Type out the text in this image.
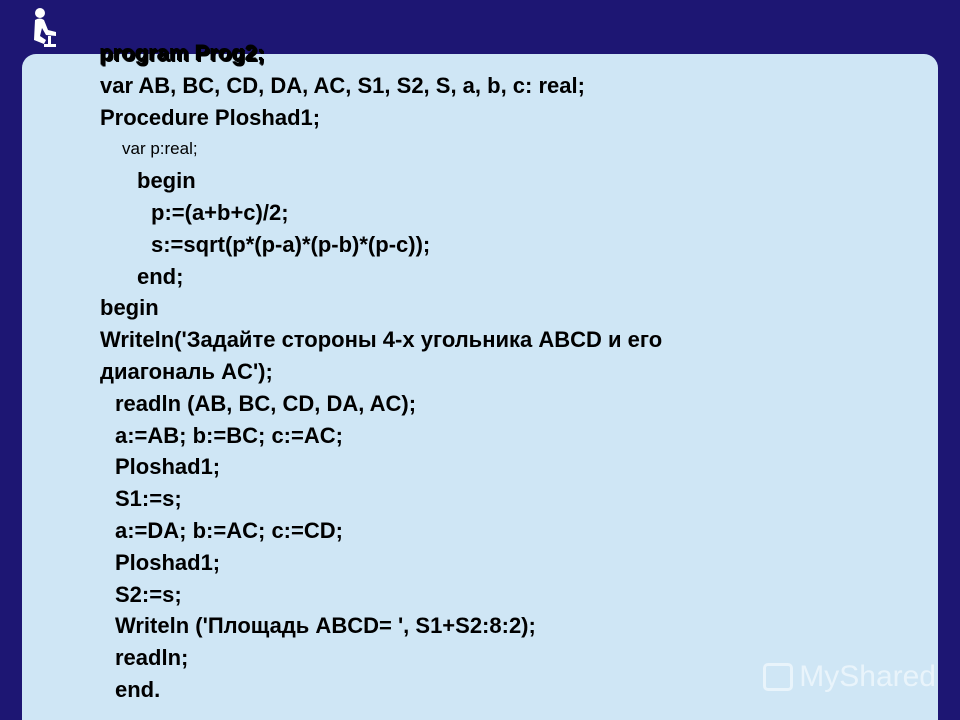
program Prog2;
var AB, BC, CD, DA, AC, S1, S2, S, a, b, c: real;
Procedure Ploshad1;
var p:real;
begin
p:=(a+b+c)/2;
s:=sqrt(p*(p-a)*(p-b)*(p-c));
end;
begin
Writeln('Задайте стороны 4-х угольника ABCD и его
диагональ AC');
readln (AB, BC, CD, DA, AC);
a:=AB; b:=BC; c:=AC;
Ploshad1;
S1:=s;
a:=DA; b:=AC; c:=CD;
Ploshad1;
S2:=s;
Writeln ('Площадь ABCD= ', S1+S2:8:2);
readln;
end.	MyShared
